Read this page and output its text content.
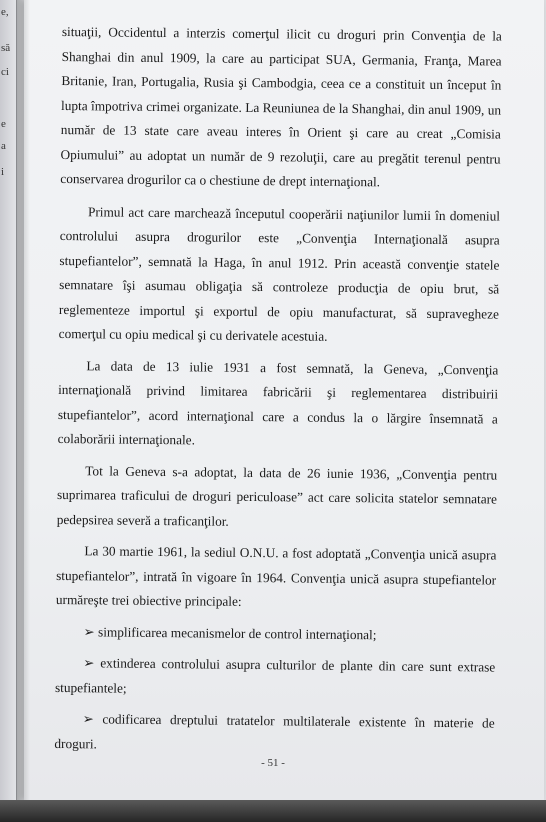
e,
să
ci
e
a
i

situaţii, Occidentul a interzis comerţul ilicit cu droguri prin Convenţia de la Shanghai din anul 1909, la care au participat SUA, Germania, Franţa, Marea Britanie, Iran, Portugalia, Rusia şi Cambodgia, ceea ce a constituit un început în lupta împotriva crimei organizate. La Reuniunea de la Shanghai, din anul 1909, un număr de 13 state care aveau interes în Orient şi care au creat „Comisia Opiumului” au adoptat un număr de 9 rezoluţii, care au pregătit terenul pentru conservarea drogurilor ca o chestiune de drept internaţional.

Primul act care marchează începutul cooperării naţiunilor lumii în domeniul controlului asupra drogurilor este „Convenţia Internaţională asupra stupefiantelor”, semnată la Haga, în anul 1912. Prin această convenţie statele semnatare îşi asumau obligaţia să controleze producţia de opiu brut, să reglementeze importul şi exportul de opiu manufacturat, să supravegheze comerţul cu opiu medical şi cu derivatele acestuia.

La data de 13 iulie 1931 a fost semnată, la Geneva, „Convenţia internaţională privind limitarea fabricării şi reglementarea distribuirii stupefiantelor”, acord internaţional care a condus la o lărgire însemnată a colaborării internaţionale.

Tot la Geneva s-a adoptat, la data de 26 iunie 1936, „Convenţia pentru suprimarea traficului de droguri periculoase” act care solicita statelor semnatare pedepsirea severă a traficanţilor.

La 30 martie 1961, la sediul O.N.U. a fost adoptată „Convenţia unică asupra stupefiantelor”, intrată în vigoare în 1964. Convenţia unică asupra stupefiantelor urmăreşte trei obiective principale:

➢ simplificarea mecanismelor de control internaţional;

➢ extinderea controlului asupra culturilor de plante din care sunt extrase stupefiantele;

➢ codificarea dreptului tratatelor multilaterale existente în materie de droguri.

- 51 -
